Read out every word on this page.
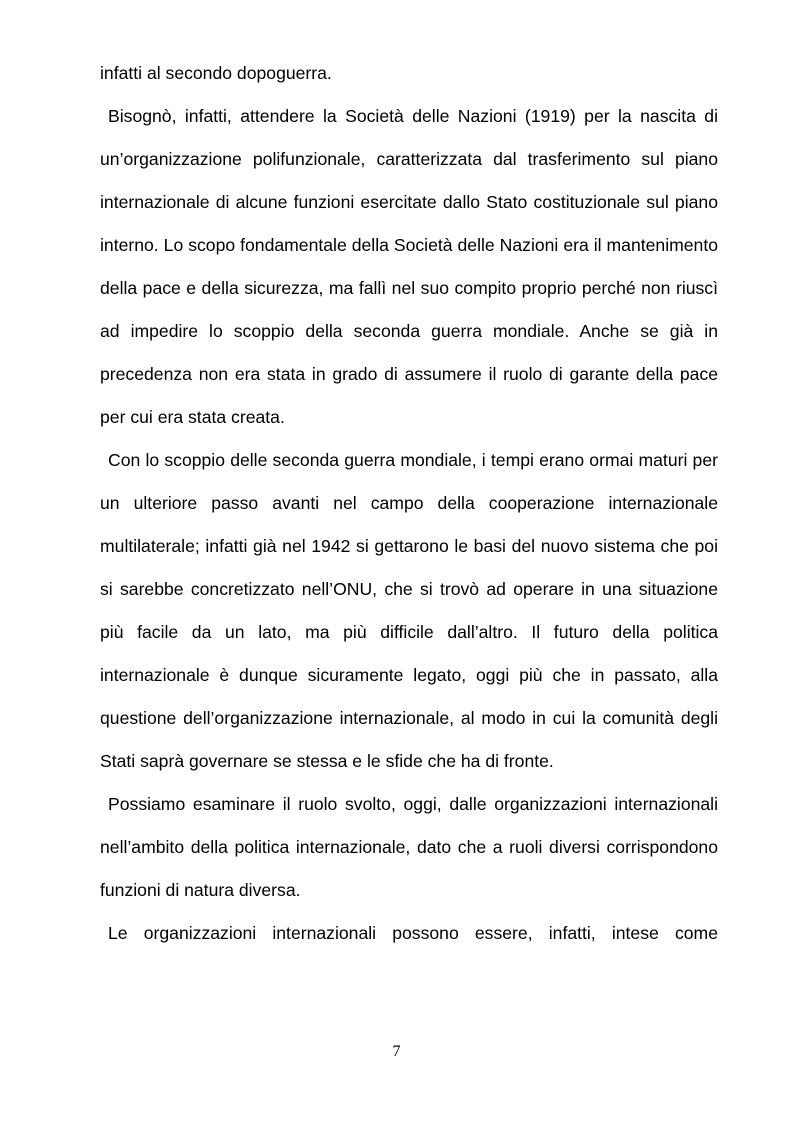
infatti al secondo dopoguerra.

Bisognò, infatti, attendere la Società delle Nazioni (1919) per la nascita di un’organizzazione polifunzionale, caratterizzata dal trasferimento sul piano internazionale di alcune funzioni esercitate dallo Stato costituzionale sul piano interno. Lo scopo fondamentale della Società delle Nazioni era il mantenimento della pace e della sicurezza, ma fallì nel suo compito proprio perché non riuscì ad impedire lo scoppio della seconda guerra mondiale. Anche se già in precedenza non era stata in grado di assumere il ruolo di garante della pace per cui era stata creata.

Con lo scoppio delle seconda guerra mondiale, i tempi erano ormai maturi per un ulteriore passo avanti nel campo della cooperazione internazionale multilaterale; infatti già nel 1942 si gettarono le basi del nuovo sistema che poi si sarebbe concretizzato nell’ONU, che si trovò ad operare in una situazione più facile da un lato, ma più difficile dall’altro. Il futuro della politica internazionale è dunque sicuramente legato, oggi più che in passato, alla questione dell’organizzazione internazionale, al modo in cui la comunità degli Stati saprà governare se stessa e le sfide che ha di fronte.

Possiamo esaminare il ruolo svolto, oggi, dalle organizzazioni internazionali nell’ambito della politica internazionale, dato che a ruoli diversi corrispondono funzioni di natura diversa.

Le organizzazioni internazionali possono essere, infatti, intese come

7
